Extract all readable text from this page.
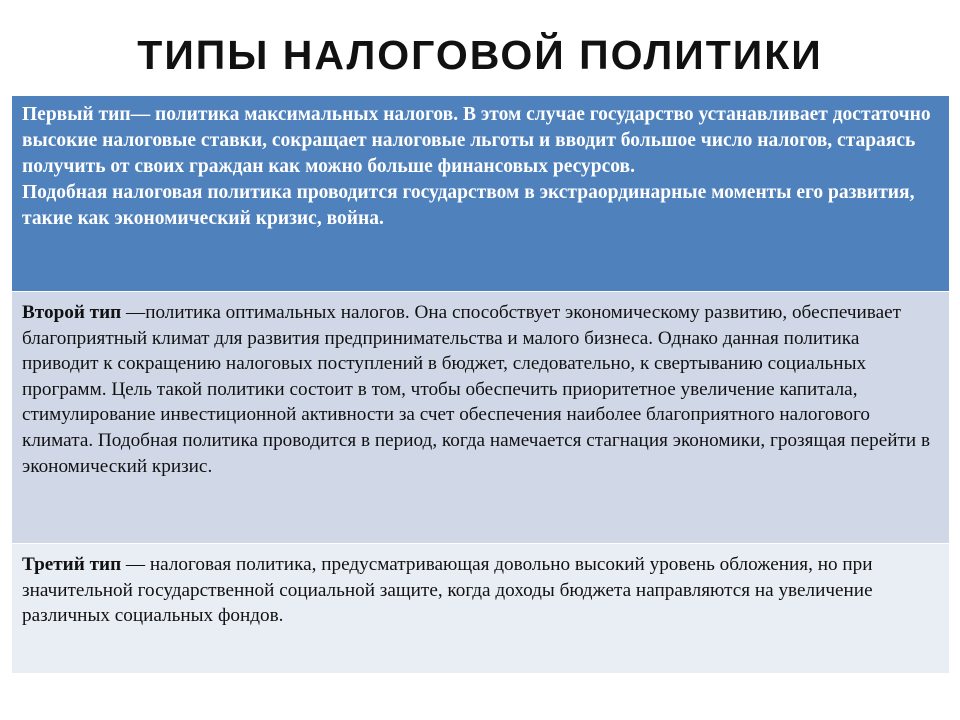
ТИПЫ НАЛОГОВОЙ ПОЛИТИКИ
Первый тип— политика максимальных налогов. В этом случае государство устанавливает достаточно высокие налоговые ставки, сокращает налоговые льготы и вводит большое число налогов, стараясь получить от своих граждан как можно больше финансовых ресурсов.
Подобная налоговая политика проводится государством в экстраординарные моменты его развития, такие как экономический кризис, война.
Второй тип —политика оптимальных налогов. Она способствует экономическому развитию, обеспечивает благоприятный климат для развития предпринимательства и малого бизнеса. Однако данная политика приводит к сокращению налоговых поступлений в бюджет, следовательно, к свертыванию социальных программ. Цель такой политики состоит в том, чтобы обеспечить приоритетное увеличение капитала, стимулирование инвестиционной активности за счет обеспечения наиболее благоприятного налогового климата. Подобная политика проводится в период, когда намечается стагнация экономики, грозящая перейти в экономический кризис.
Третий тип — налоговая политика, предусматривающая довольно высокий уровень обложения, но при значительной государственной социальной защите, когда доходы бюджета направляются на увеличение различных социальных фондов.
